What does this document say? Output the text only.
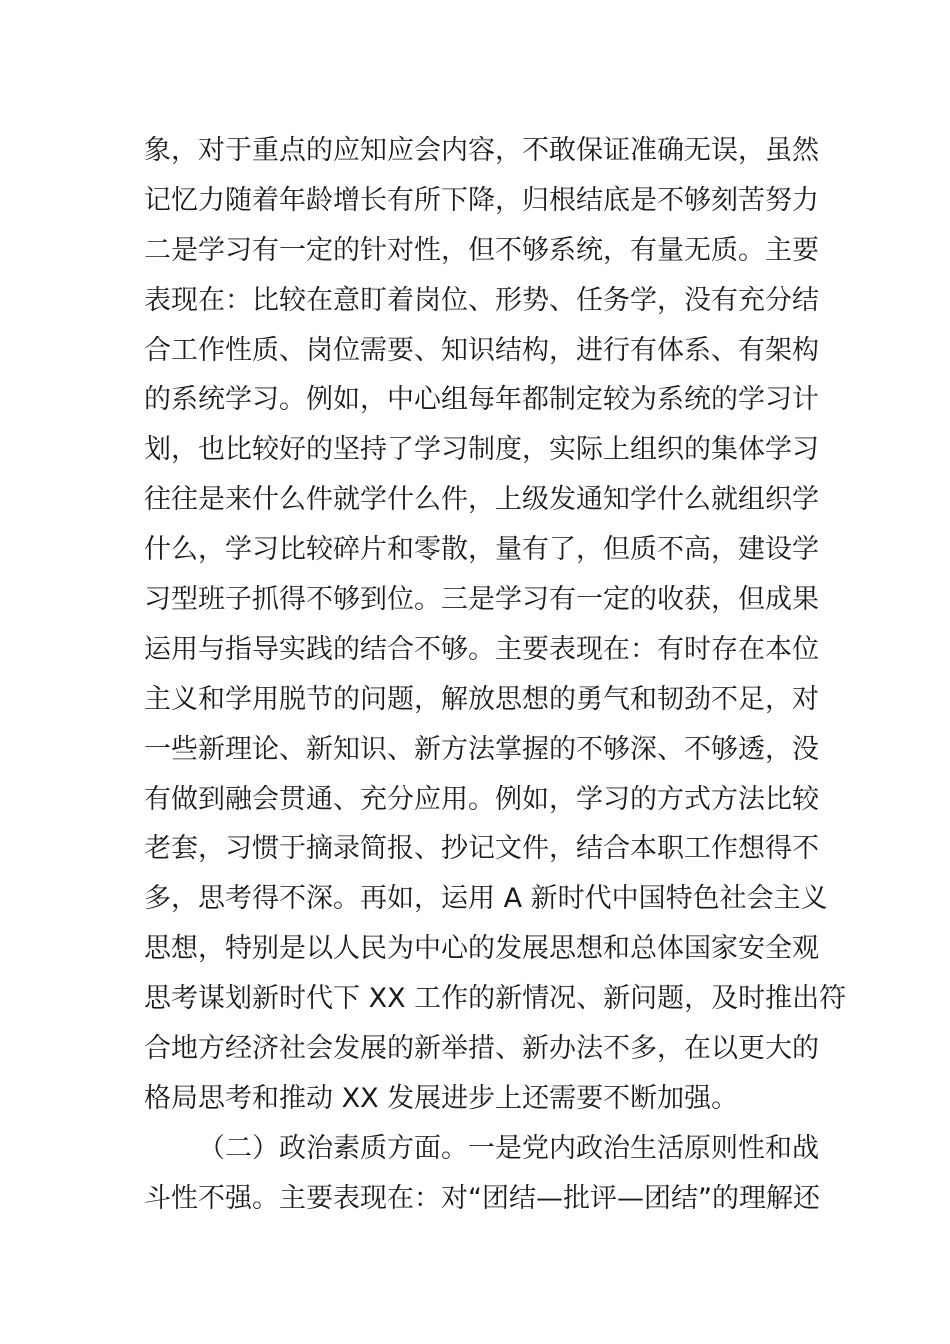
象，对于重点的应知应会内容，不敢保证准确无误，虽然
记忆力随着年龄增长有所下降，归根结底是不够刻苦努力
二是学习有一定的针对性，但不够系统，有量无质。主要
表现在：比较在意盯着岗位、形势、任务学，没有充分结
合工作性质、岗位需要、知识结构，进行有体系、有架构
的系统学习。例如，中心组每年都制定较为系统的学习计
划，也比较好的坚持了学习制度，实际上组织的集体学习
往往是来什么件就学什么件，上级发通知学什么就组织学
什么，学习比较碎片和零散，量有了，但质不高，建设学
习型班子抓得不够到位。三是学习有一定的收获，但成果
运用与指导实践的结合不够。主要表现在：有时存在本位
主义和学用脱节的问题，解放思想的勇气和韧劲不足，对
一些新理论、新知识、新方法掌握的不够深、不够透，没
有做到融会贯通、充分应用。例如，学习的方式方法比较
老套，习惯于摘录简报、抄记文件，结合本职工作想得不
多，思考得不深。再如，运用 A 新时代中国特色社会主义
思想，特别是以人民为中心的发展思想和总体国家安全观
思考谋划新时代下 XX 工作的新情况、新问题，及时推出符
合地方经济社会发展的新举措、新办法不多，在以更大的
格局思考和推动 XX 发展进步上还需要不断加强。
（二）政治素质方面。一是党内政治生活原则性和战
斗性不强。主要表现在：对“团结—批评—团结”的理解还
